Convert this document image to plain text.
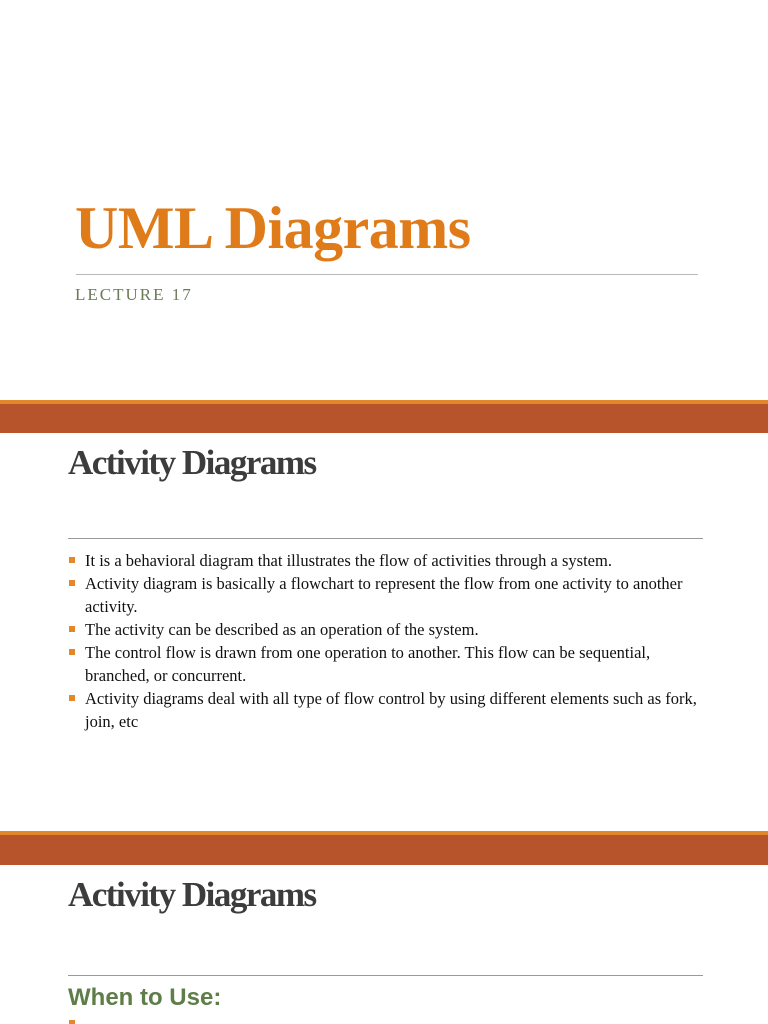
UML Diagrams

LECTURE 17

Activity Diagrams
It is a behavioral diagram that illustrates the flow of activities through a system.
Activity diagram is basically a flowchart to represent the flow from one activity to another activity.
The activity can be described as an operation of the system.
The control flow is drawn from one operation to another. This flow can be sequential, branched, or concurrent.
Activity diagrams deal with all type of flow control by using different elements such as fork, join, etc
Activity Diagrams
When to Use:
